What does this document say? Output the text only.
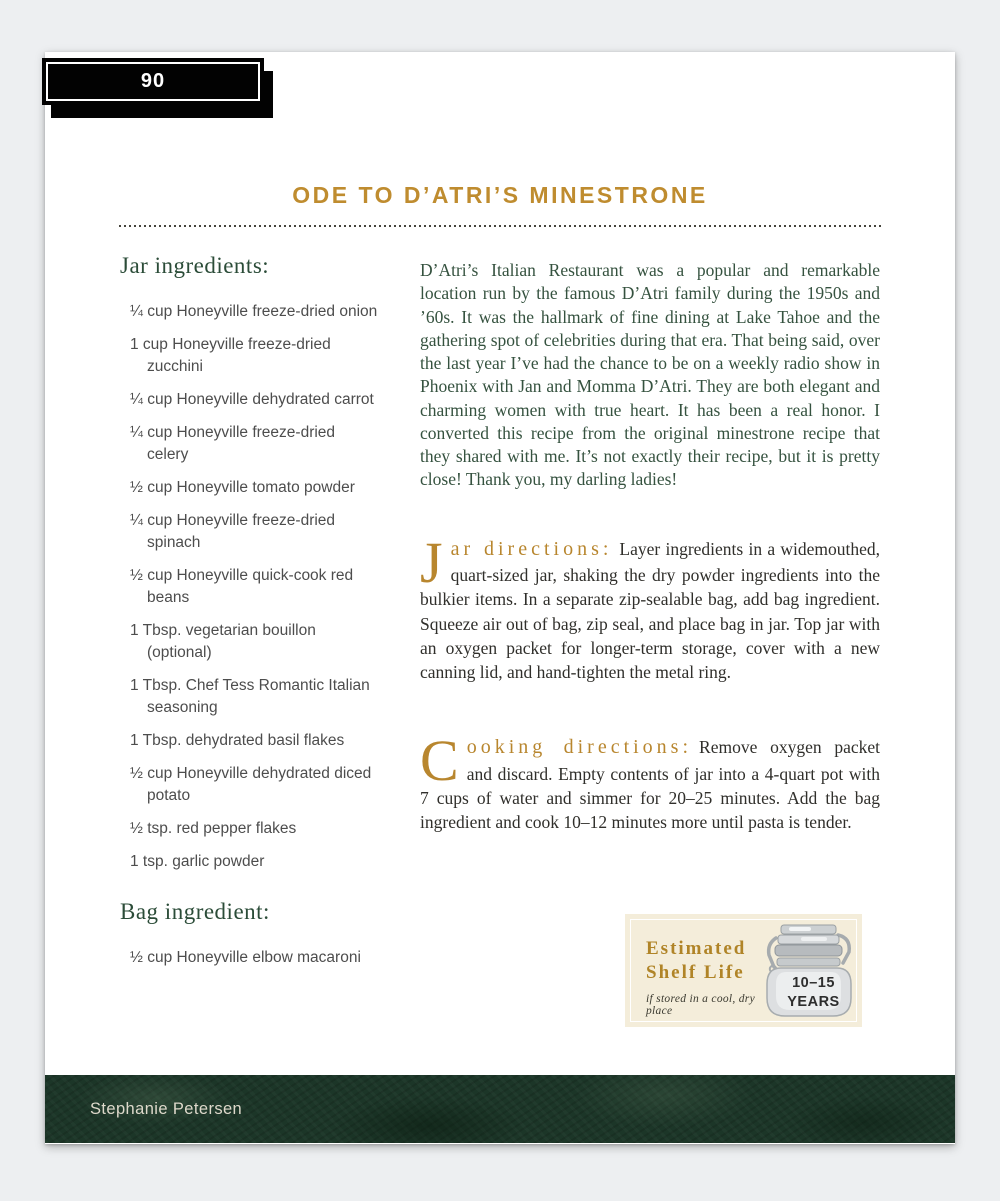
90
ODE TO D’ATRI’S MINESTRONE
Jar ingredients:
¼ cup Honeyville freeze-dried onion
1 cup Honeyville freeze-dried zucchini
¼ cup Honeyville dehydrated carrot
¼ cup Honeyville freeze-dried celery
½ cup Honeyville tomato powder
¼ cup Honeyville freeze-dried spinach
½ cup Honeyville quick-cook red beans
1 Tbsp. vegetarian bouillon (optional)
1 Tbsp. Chef Tess Romantic Italian seasoning
1 Tbsp. dehydrated basil flakes
½ cup Honeyville dehydrated diced potato
½ tsp. red pepper flakes
1 tsp. garlic powder
Bag ingredient:
½ cup Honeyville elbow macaroni

D’Atri’s Italian Restaurant was a popular and remarkable location run by the famous D’Atri family during the 1950s and ’60s. It was the hallmark of fine dining at Lake Tahoe and the gathering spot of celebrities during that era. That being said, over the last year I’ve had the chance to be on a weekly radio show in Phoenix with Jan and Momma D’Atri. They are both elegant and charming women with true heart. It has been a real honor. I converted this recipe from the original minestrone recipe that they shared with me. It’s not exactly their recipe, but it is pretty close! Thank you, my darling ladies!

Jar directions: Layer ingredients in a widemouthed, quart-sized jar, shaking the dry powder ingredients into the bulkier items. In a separate zip-sealable bag, add bag ingredient. Squeeze air out of bag, zip seal, and place bag in jar. Top jar with an oxygen packet for longer-term storage, cover with a new canning lid, and hand-tighten the metal ring.

Cooking directions: Remove oxygen packet and discard. Empty contents of jar into a 4-quart pot with 7 cups of water and simmer for 20–25 minutes. Add the bag ingredient and cook 10–12 minutes more until pasta is tender.

Estimated
Shelf Life
if stored in a cool, dry place
10–15
YEARS
Stephanie Petersen
